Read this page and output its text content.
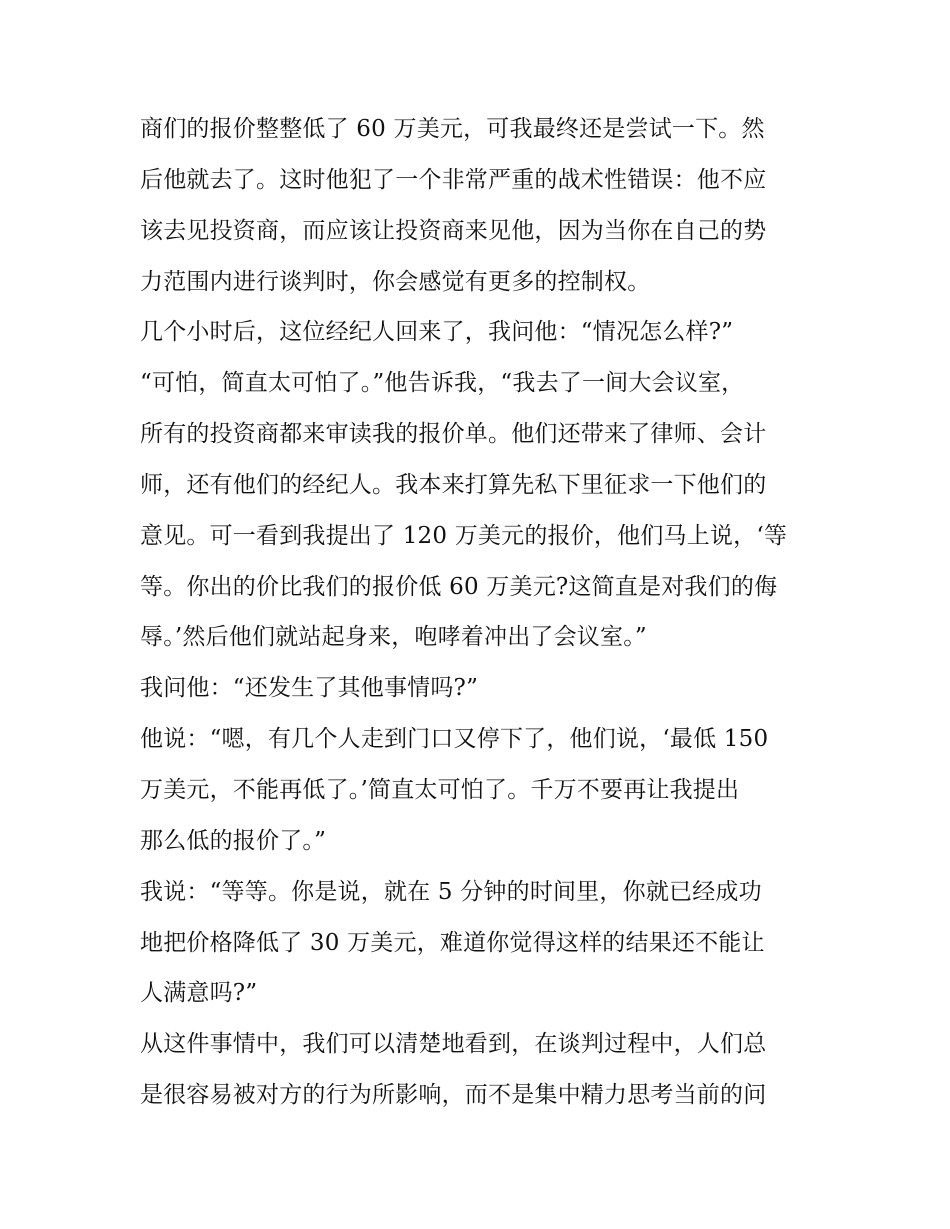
商们的报价整整低了 60 万美元，可我最终还是尝试一下。然
后他就去了。这时他犯了一个非常严重的战术性错误：他不应
该去见投资商，而应该让投资商来见他，因为当你在自己的势
力范围内进行谈判时，你会感觉有更多的控制权。
几个小时后，这位经纪人回来了，我问他：“情况怎么样?”
“可怕，简直太可怕了。”他告诉我，“我去了一间大会议室，
所有的投资商都来审读我的报价单。他们还带来了律师、会计
师，还有他们的经纪人。我本来打算先私下里征求一下他们的
意见。可一看到我提出了 120 万美元的报价，他们马上说，‘等
等。你出的价比我们的报价低 60 万美元?这简直是对我们的侮
辱。’然后他们就站起身来，咆哮着冲出了会议室。”
我问他：“还发生了其他事情吗?”
他说：“嗯，有几个人走到门口又停下了，他们说，‘最低 150
万美元，不能再低了。’简直太可怕了。千万不要再让我提出
那么低的报价了。”
我说：“等等。你是说，就在 5 分钟的时间里，你就已经成功
地把价格降低了 30 万美元，难道你觉得这样的结果还不能让
人满意吗?”
从这件事情中，我们可以清楚地看到，在谈判过程中，人们总
是很容易被对方的行为所影响，而不是集中精力思考当前的问
